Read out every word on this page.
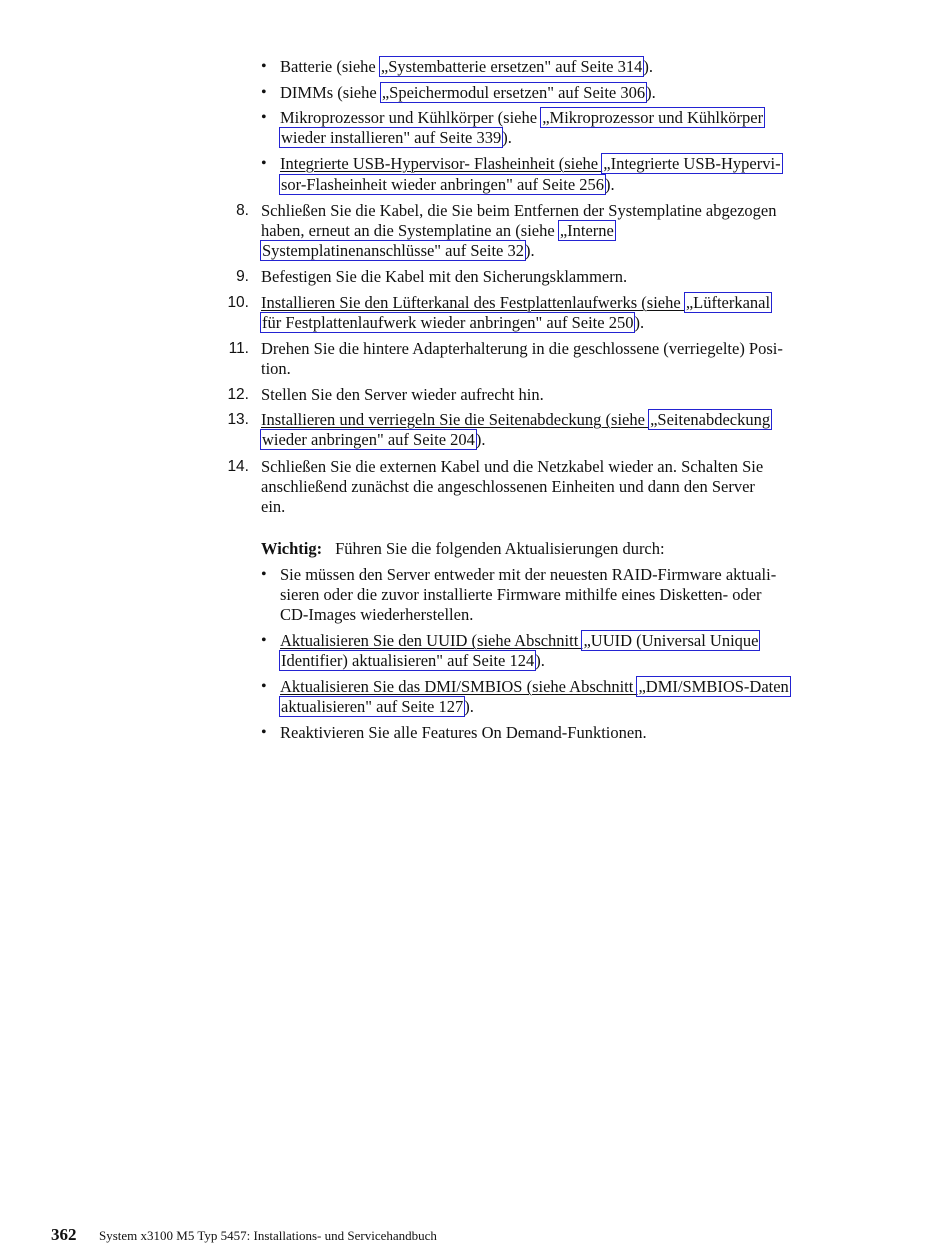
• Batterie (siehe „Systembatterie ersetzen" auf Seite 314).
• DIMMs (siehe „Speichermodul ersetzen" auf Seite 306).
• Mikroprozessor und Kühlkörper (siehe „Mikroprozessor und Kühlkörper
wieder installieren" auf Seite 339).
• Integrierte USB-Hypervisor- Flasheinheit (siehe „Integrierte USB-Hypervi-
sor-Flasheinheit wieder anbringen" auf Seite 256).
8. Schließen Sie die Kabel, die Sie beim Entfernen der Systemplatine abgezogen
haben, erneut an die Systemplatine an (siehe „Interne
Systemplatinenanschlüsse" auf Seite 32).
9. Befestigen Sie die Kabel mit den Sicherungsklammern.
10. Installieren Sie den Lüfterkanal des Festplattenlaufwerks (siehe „Lüfterkanal
für Festplattenlaufwerk wieder anbringen" auf Seite 250).
11. Drehen Sie die hintere Adapterhalterung in die geschlossene (verriegelte) Posi-
tion.
12. Stellen Sie den Server wieder aufrecht hin.
13. Installieren und verriegeln Sie die Seitenabdeckung (siehe „Seitenabdeckung
wieder anbringen" auf Seite 204).
14. Schließen Sie die externen Kabel und die Netzkabel wieder an. Schalten Sie
anschließend zunächst die angeschlossenen Einheiten und dann den Server
ein.
Wichtig: Führen Sie die folgenden Aktualisierungen durch:
• Sie müssen den Server entweder mit der neuesten RAID-Firmware aktuali-
sieren oder die zuvor installierte Firmware mithilfe eines Disketten- oder
CD-Images wiederherstellen.
• Aktualisieren Sie den UUID (siehe Abschnitt „UUID (Universal Unique
Identifier) aktualisieren" auf Seite 124).
• Aktualisieren Sie das DMI/SMBIOS (siehe Abschnitt „DMI/SMBIOS-Daten
aktualisieren" auf Seite 127).
• Reaktivieren Sie alle Features On Demand-Funktionen.
362 System x3100 M5 Typ 5457: Installations- und Servicehandbuch
